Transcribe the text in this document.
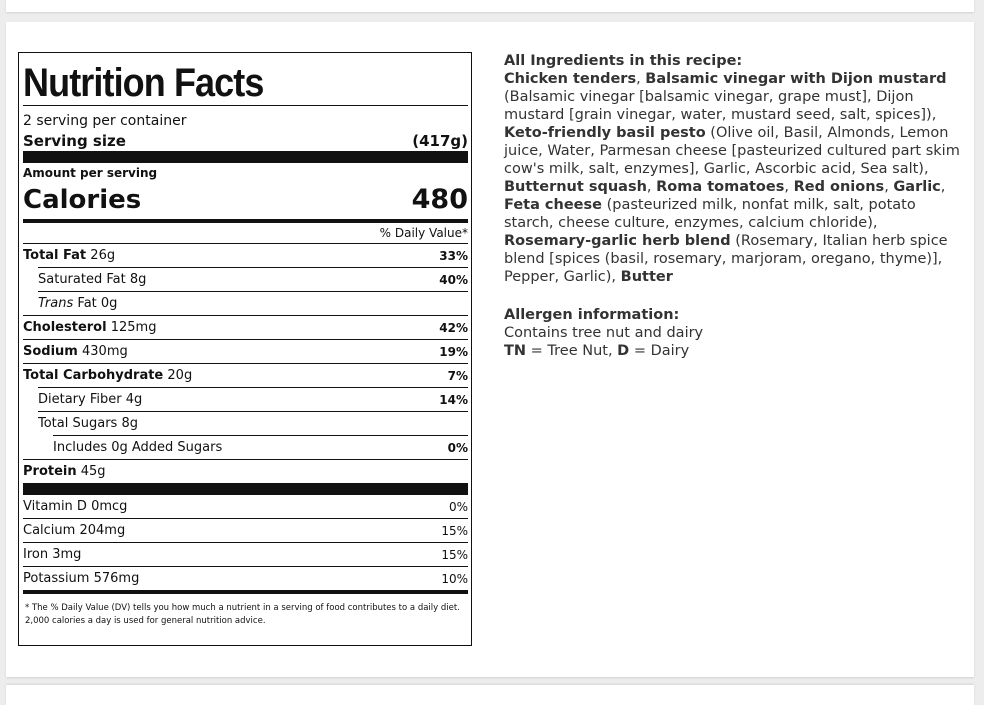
Nutrition Facts
2 serving per container
Serving size	(417g)
Amount per serving
Calories	480
% Daily Value*
Total Fat 26g	33%
Saturated Fat 8g	40%
Trans Fat 0g
Cholesterol 125mg	42%
Sodium 430mg	19%
Total Carbohydrate 20g	7%
Dietary Fiber 4g	14%
Total Sugars 8g
Includes 0g Added Sugars	0%
Protein 45g
Vitamin D 0mcg	0%
Calcium 204mg	15%
Iron 3mg	15%
Potassium 576mg	10%
* The % Daily Value (DV) tells you how much a nutrient in a serving of food contributes to a daily diet. 2,000 calories a day is used for general nutrition advice.
All Ingredients in this recipe:
Chicken tenders, Balsamic vinegar with Dijon mustard (Balsamic vinegar [balsamic vinegar, grape must], Dijon mustard [grain vinegar, water, mustard seed, salt, spices]), Keto-friendly basil pesto (Olive oil, Basil, Almonds, Lemon juice, Water, Parmesan cheese [pasteurized cultured part skim cow's milk, salt, enzymes], Garlic, Ascorbic acid, Sea salt), Butternut squash, Roma tomatoes, Red onions, Garlic, Feta cheese (pasteurized milk, nonfat milk, salt, potato starch, cheese culture, enzymes, calcium chloride), Rosemary-garlic herb blend (Rosemary, Italian herb spice blend [spices (basil, rosemary, marjoram, oregano, thyme)], Pepper, Garlic), Butter
Allergen information:
Contains tree nut and dairy
TN = Tree Nut, D = Dairy
